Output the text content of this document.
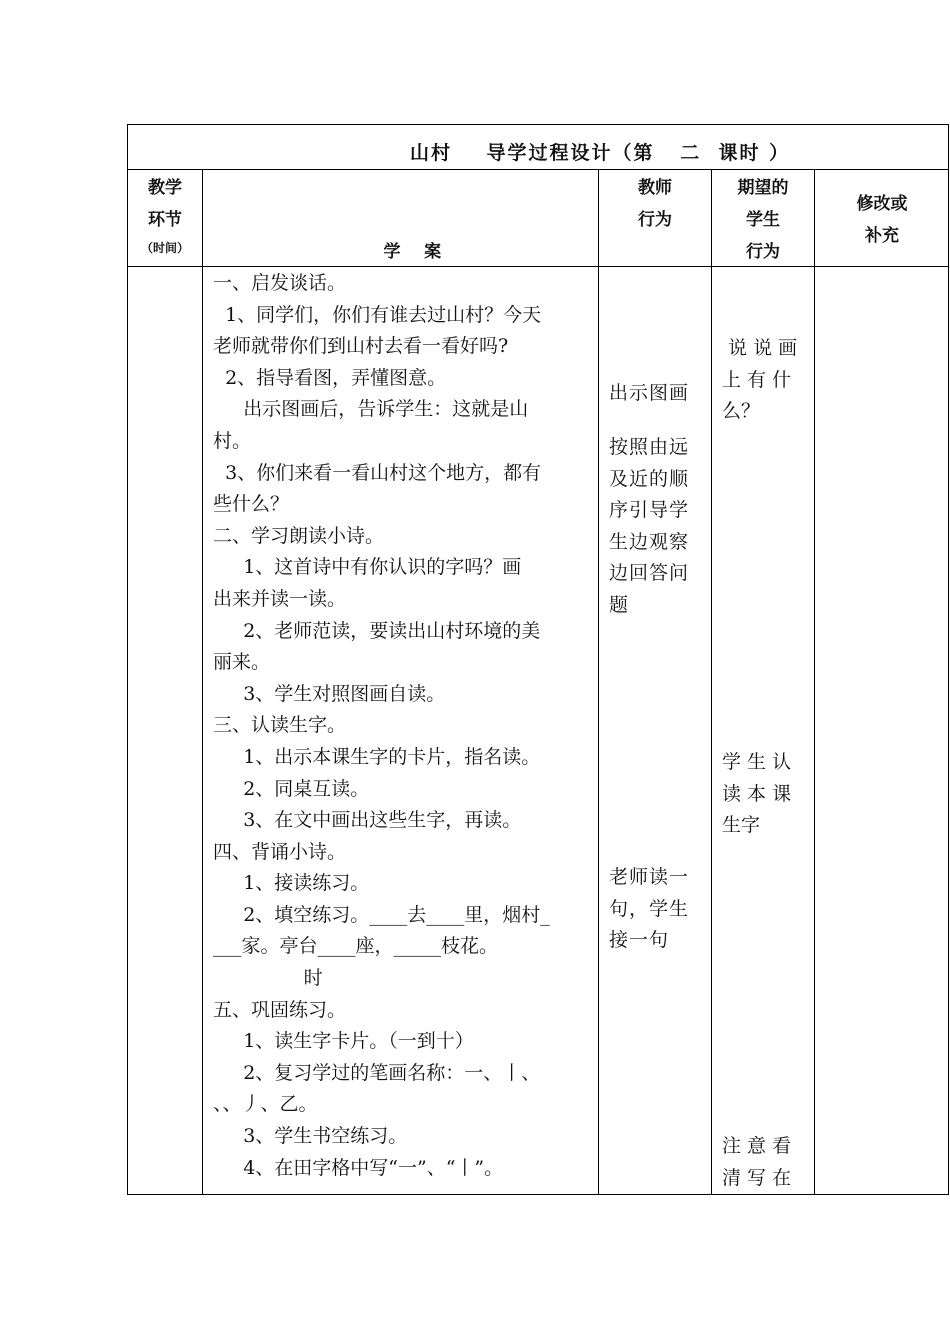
山村    导学过程设计（第   二  课时 ）
教学
环节
（时间）	学    案

教师
行为
期望的
学生
行为
修改或
补充
一、启发谈话。
1、同学们，你们有谁去过山村？今天
老师就带你们到山村去看一看好吗?
2、指导看图，弄懂图意。
出示图画后，告诉学生：这就是山
村。
3、你们来看一看山村这个地方，都有
些什么？
二、学习朗读小诗。
1、这首诗中有你认识的字吗？画
出来并读一读。
2、老师范读，要读出山村环境的美
丽来。
3、学生对照图画自读。
三、认读生字。
1、出示本课生字的卡片，指名读。
2、同桌互读。
3、在文中画出这些生字，再读。
四、背诵小诗。
1、接读练习。
2、填空练习。____去____里，烟村_
___家。亭台____座，_____枝花。
时
五、巩固练习。
1、读生字卡片。（一到十）
2、复习学过的笔画名称：一、丨、
、、丿、乙。
3、学生书空练习。
4、在田字格中写“一”、“丨”。
出示图画
按照由远
及近的顺
序引导学
生边观察
边回答问
题
老师读一
句，学生
接一句
说 说 画
上 有 什
么？
学 生 认
读 本 课
生字
注 意 看
清 写 在
